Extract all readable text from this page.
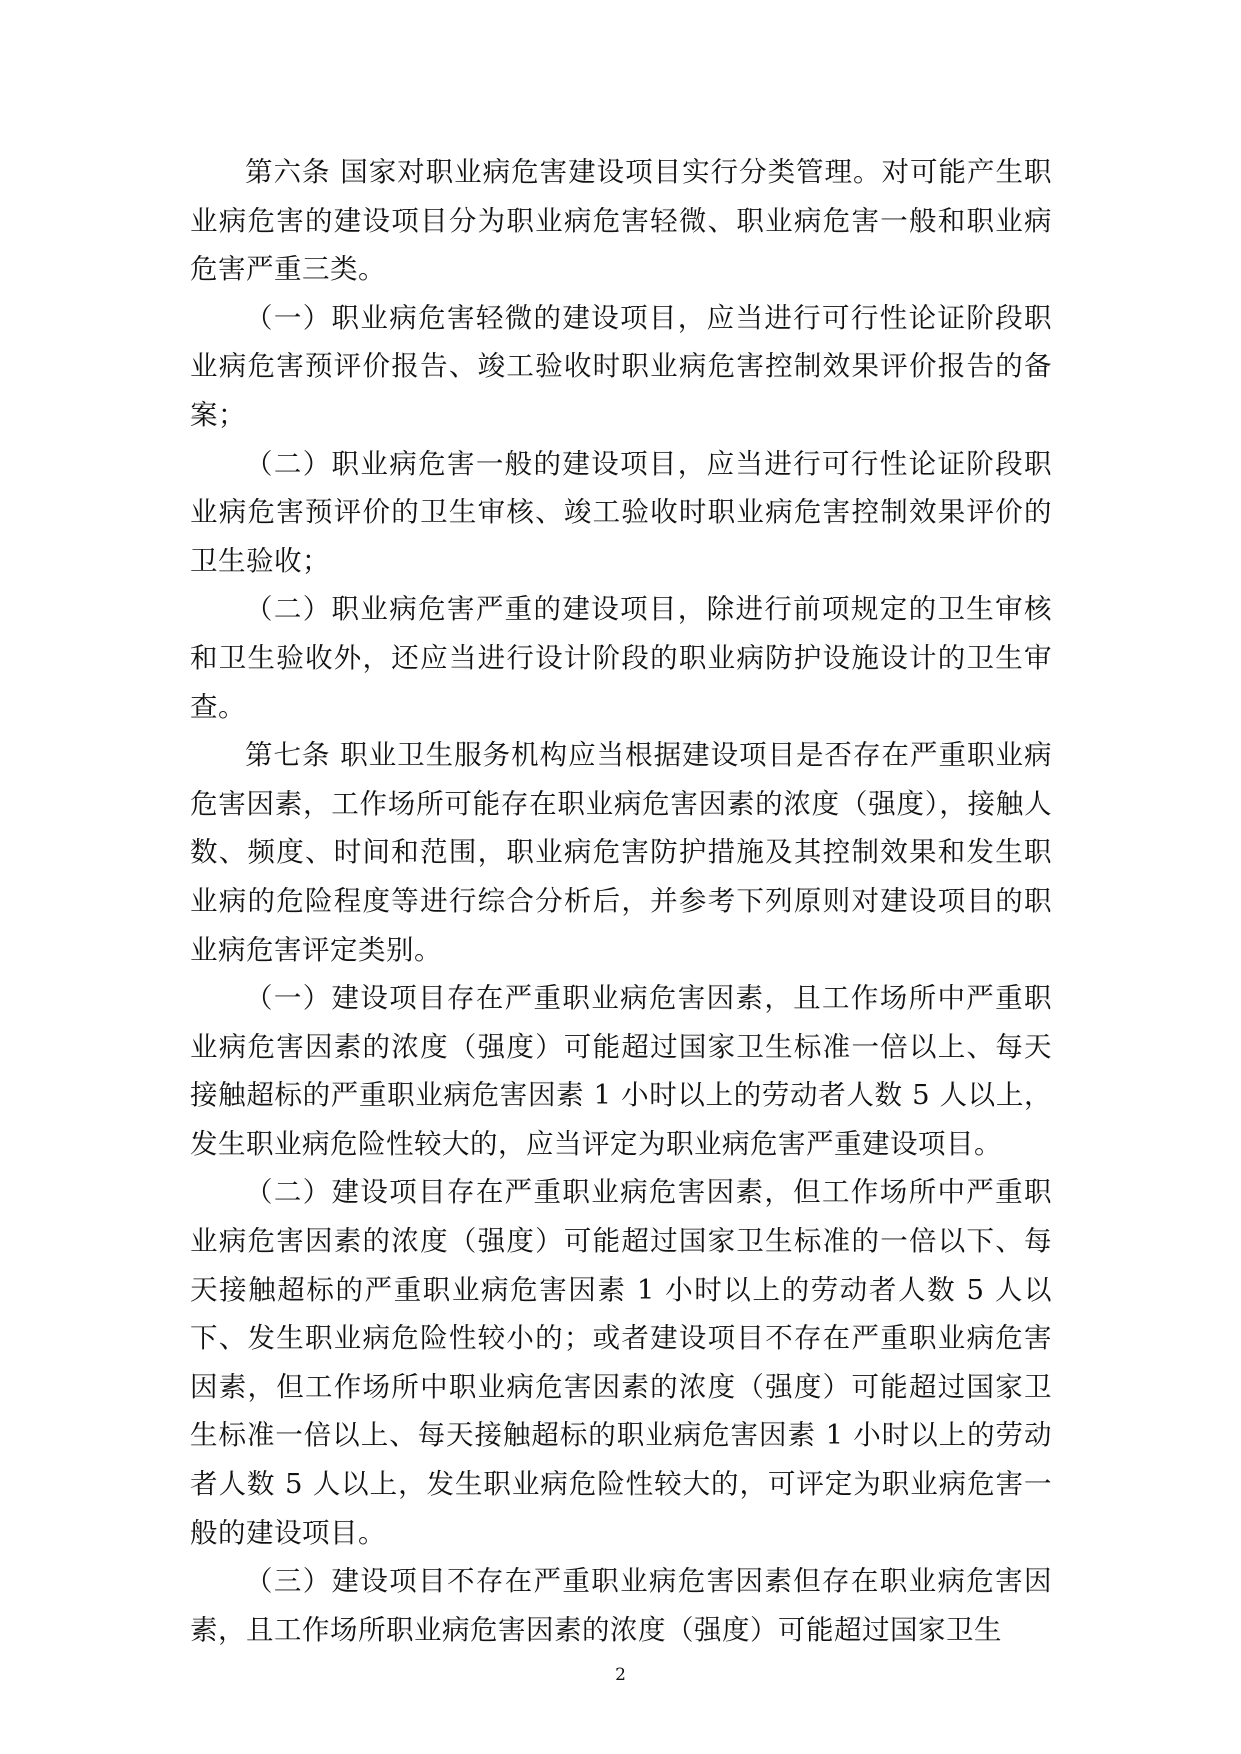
第六条 国家对职业病危害建设项目实行分类管理。对可能产生职业病危害的建设项目分为职业病危害轻微、职业病危害一般和职业病危害严重三类。

（一）职业病危害轻微的建设项目，应当进行可行性论证阶段职业病危害预评价报告、竣工验收时职业病危害控制效果评价报告的备案；

（二）职业病危害一般的建设项目，应当进行可行性论证阶段职业病危害预评价的卫生审核、竣工验收时职业病危害控制效果评价的卫生验收；

（二）职业病危害严重的建设项目，除进行前项规定的卫生审核和卫生验收外，还应当进行设计阶段的职业病防护设施设计的卫生审查。

第七条 职业卫生服务机构应当根据建设项目是否存在严重职业病危害因素，工作场所可能存在职业病危害因素的浓度（强度），接触人数、频度、时间和范围，职业病危害防护措施及其控制效果和发生职业病的危险程度等进行综合分析后，并参考下列原则对建设项目的职业病危害评定类别。

（一）建设项目存在严重职业病危害因素，且工作场所中严重职业病危害因素的浓度（强度）可能超过国家卫生标准一倍以上、每天接触超标的严重职业病危害因素 1 小时以上的劳动者人数 5 人以上，发生职业病危险性较大的，应当评定为职业病危害严重建设项目。

（二）建设项目存在严重职业病危害因素，但工作场所中严重职业病危害因素的浓度（强度）可能超过国家卫生标准的一倍以下、每天接触超标的严重职业病危害因素 1 小时以上的劳动者人数 5 人以下、发生职业病危险性较小的；或者建设项目不存在严重职业病危害因素，但工作场所中职业病危害因素的浓度（强度）可能超过国家卫生标准一倍以上、每天接触超标的职业病危害因素 1 小时以上的劳动者人数 5 人以上，发生职业病危险性较大的，可评定为职业病危害一般的建设项目。

（三）建设项目不存在严重职业病危害因素但存在职业病危害因素，且工作场所职业病危害因素的浓度（强度）可能超过国家卫生

2
